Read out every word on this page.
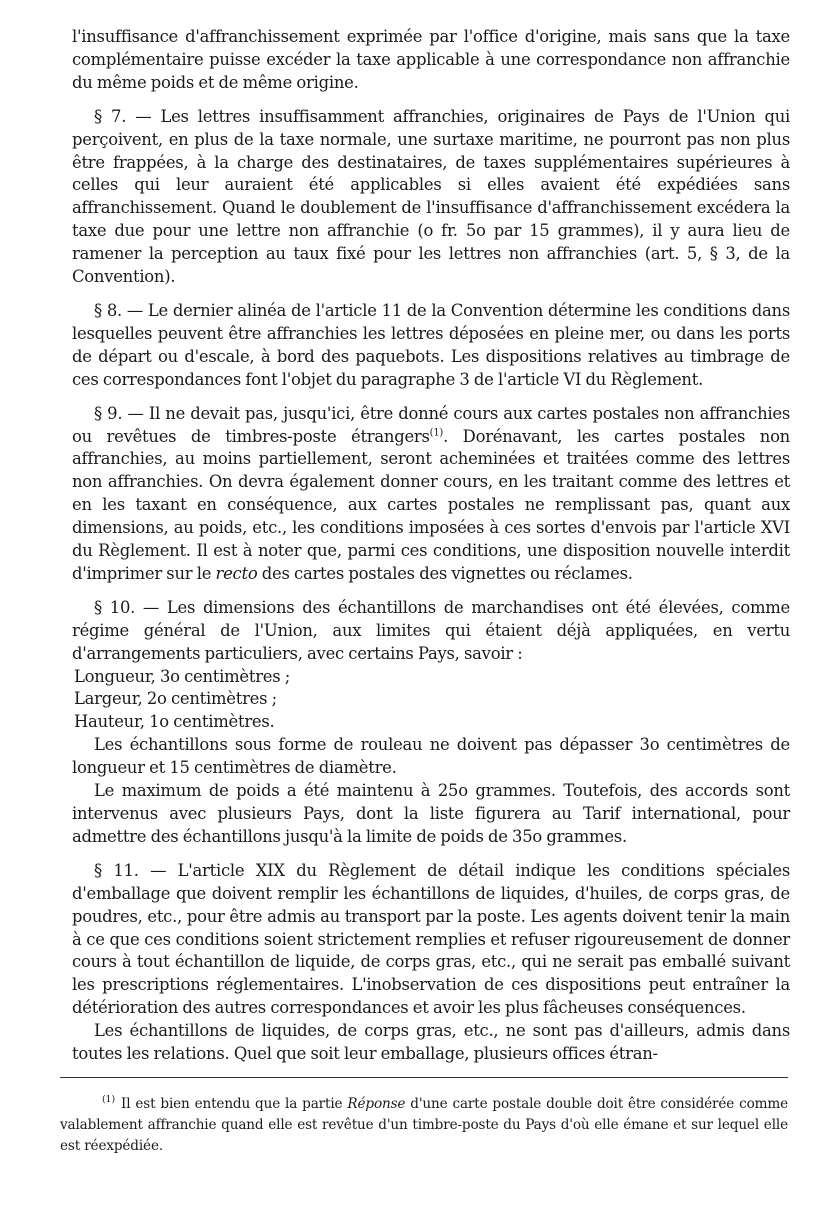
l'insuffisance d'affranchissement exprimée par l'office d'origine, mais sans que la taxe complémentaire puisse excéder la taxe applicable à une correspondance non affranchie du même poids et de même origine.

§ 7. — Les lettres insuffisamment affranchies, originaires de Pays de l'Union qui perçoivent, en plus de la taxe normale, une surtaxe maritime, ne pourront pas non plus être frappées, à la charge des destinataires, de taxes supplémentaires supérieures à celles qui leur auraient été applicables si elles avaient été expédiées sans affranchissement. Quand le doublement de l'insuffisance d'affranchissement excédera la taxe due pour une lettre non affranchie (o fr. 5o par 15 grammes), il y aura lieu de ramener la perception au taux fixé pour les lettres non affranchies (art. 5, § 3, de la Convention).

§ 8. — Le dernier alinéa de l'article 11 de la Convention détermine les conditions dans lesquelles peuvent être affranchies les lettres déposées en pleine mer, ou dans les ports de départ ou d'escale, à bord des paquebots. Les dispositions relatives au timbrage de ces correspondances font l'objet du paragraphe 3 de l'article VI du Règlement.

§ 9. — Il ne devait pas, jusqu'ici, être donné cours aux cartes postales non affranchies ou revêtues de timbres-poste étrangers$^{(1)}$. Dorénavant, les cartes postales non affranchies, au moins partiellement, seront acheminées et traitées comme des lettres non affranchies. On devra également donner cours, en les traitant comme des lettres et en les taxant en conséquence, aux cartes postales ne remplissant pas, quant aux dimensions, au poids, etc., les conditions imposées à ces sortes d'envois par l'article XVI du Règlement. Il est à noter que, parmi ces conditions, une disposition nouvelle interdit d'imprimer sur le recto des cartes postales des vignettes ou réclames.

§ 10. — Les dimensions des échantillons de marchandises ont été élevées, comme régime général de l'Union, aux limites qui étaient déjà appliquées, en vertu d'arrangements particuliers, avec certains Pays, savoir :

Longueur, 3o centimètres ;

Largeur, 2o centimètres ;

Hauteur, 1o centimètres.

Les échantillons sous forme de rouleau ne doivent pas dépasser 3o centimètres de longueur et 15 centimètres de diamètre.

Le maximum de poids a été maintenu à 25o grammes. Toutefois, des accords sont intervenus avec plusieurs Pays, dont la liste figurera au Tarif international, pour admettre des échantillons jusqu'à la limite de poids de 35o grammes.

§ 11. — L'article XIX du Règlement de détail indique les conditions spéciales d'emballage que doivent remplir les échantillons de liquides, d'huiles, de corps gras, de poudres, etc., pour être admis au transport par la poste. Les agents doivent tenir la main à ce que ces conditions soient strictement remplies et refuser rigoureusement de donner cours à tout échantillon de liquide, de corps gras, etc., qui ne serait pas emballé suivant les prescriptions réglementaires. L'inobservation de ces dispositions peut entraîner la détérioration des autres correspondances et avoir les plus fâcheuses conséquences.

Les échantillons de liquides, de corps gras, etc., ne sont pas d'ailleurs, admis dans toutes les relations. Quel que soit leur emballage, plusieurs offices étran-

$^{(1)}$ Il est bien entendu que la partie Réponse d'une carte postale double doit être considérée comme valablement affranchie quand elle est revêtue d'un timbre-poste du Pays d'où elle émane et sur lequel elle est réexpédiée.
